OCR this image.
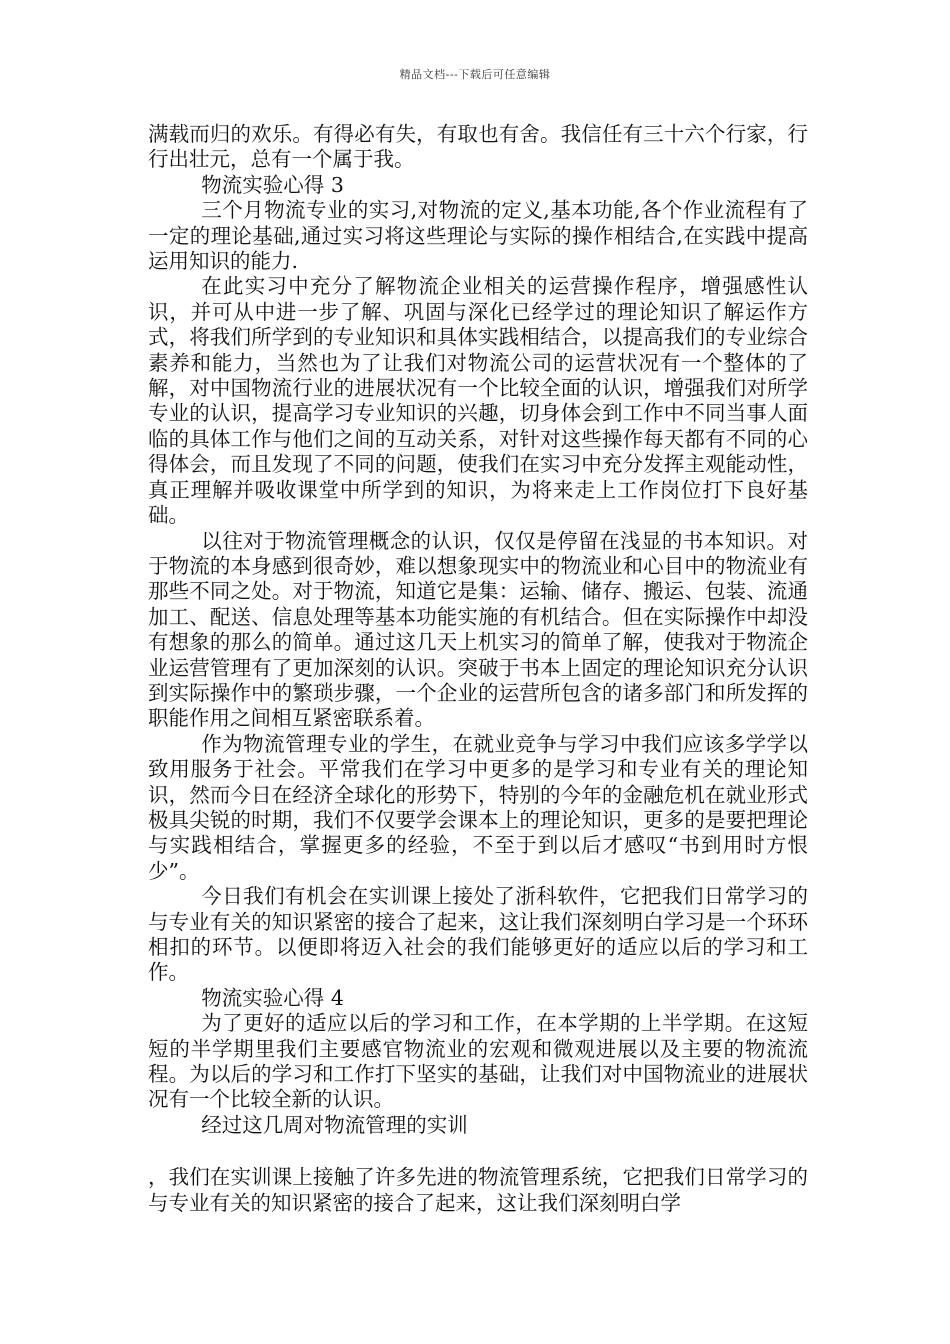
精品文档---下载后可任意编辑

满载而归的欢乐。有得必有失，有取也有舍。我信任有三十六个行家，行行出壮元，总有一个属于我。

物流实验心得 3

三个月物流专业的实习,对物流的定义,基本功能,各个作业流程有了一定的理论基础,通过实习将这些理论与实际的操作相结合,在实践中提高运用知识的能力.

在此实习中充分了解物流企业相关的运营操作程序，增强感性认识，并可从中进一步了解、巩固与深化已经学过的理论知识了解运作方式，将我们所学到的专业知识和具体实践相结合，以提高我们的专业综合素养和能力，当然也为了让我们对物流公司的运营状况有一个整体的了解，对中国物流行业的进展状况有一个比较全面的认识，增强我们对所学专业的认识，提高学习专业知识的兴趣，切身体会到工作中不同当事人面临的具体工作与他们之间的互动关系，对针对这些操作每天都有不同的心得体会，而且发现了不同的问题，使我们在实习中充分发挥主观能动性，真正理解并吸收课堂中所学到的知识，为将来走上工作岗位打下良好基础。

以往对于物流管理概念的认识，仅仅是停留在浅显的书本知识。对于物流的本身感到很奇妙，难以想象现实中的物流业和心目中的物流业有那些不同之处。对于物流，知道它是集：运输、储存、搬运、包装、流通加工、配送、信息处理等基本功能实施的有机结合。但在实际操作中却没有想象的那么的简单。通过这几天上机实习的简单了解，使我对于物流企业运营管理有了更加深刻的认识。突破于书本上固定的理论知识充分认识到实际操作中的繁琐步骤，一个企业的运营所包含的诸多部门和所发挥的职能作用之间相互紧密联系着。

作为物流管理专业的学生，在就业竞争与学习中我们应该多学学以致用服务于社会。平常我们在学习中更多的是学习和专业有关的理论知识，然而今日在经济全球化的形势下，特别的今年的金融危机在就业形式极具尖锐的时期，我们不仅要学会课本上的理论知识，更多的是要把理论与实践相结合，掌握更多的经验，不至于到以后才感叹“书到用时方恨少”。

今日我们有机会在实训课上接处了浙科软件，它把我们日常学习的与专业有关的知识紧密的接合了起来，这让我们深刻明白学习是一个环环相扣的环节。以便即将迈入社会的我们能够更好的适应以后的学习和工作。

物流实验心得 4

为了更好的适应以后的学习和工作，在本学期的上半学期。在这短短的半学期里我们主要感官物流业的宏观和微观进展以及主要的物流流程。为以后的学习和工作打下坚实的基础，让我们对中国物流业的进展状况有一个比较全新的认识。

经过这几周对物流管理的实训

，我们在实训课上接触了许多先进的物流管理系统，它把我们日常学习的与专业有关的知识紧密的接合了起来，这让我们深刻明白学
